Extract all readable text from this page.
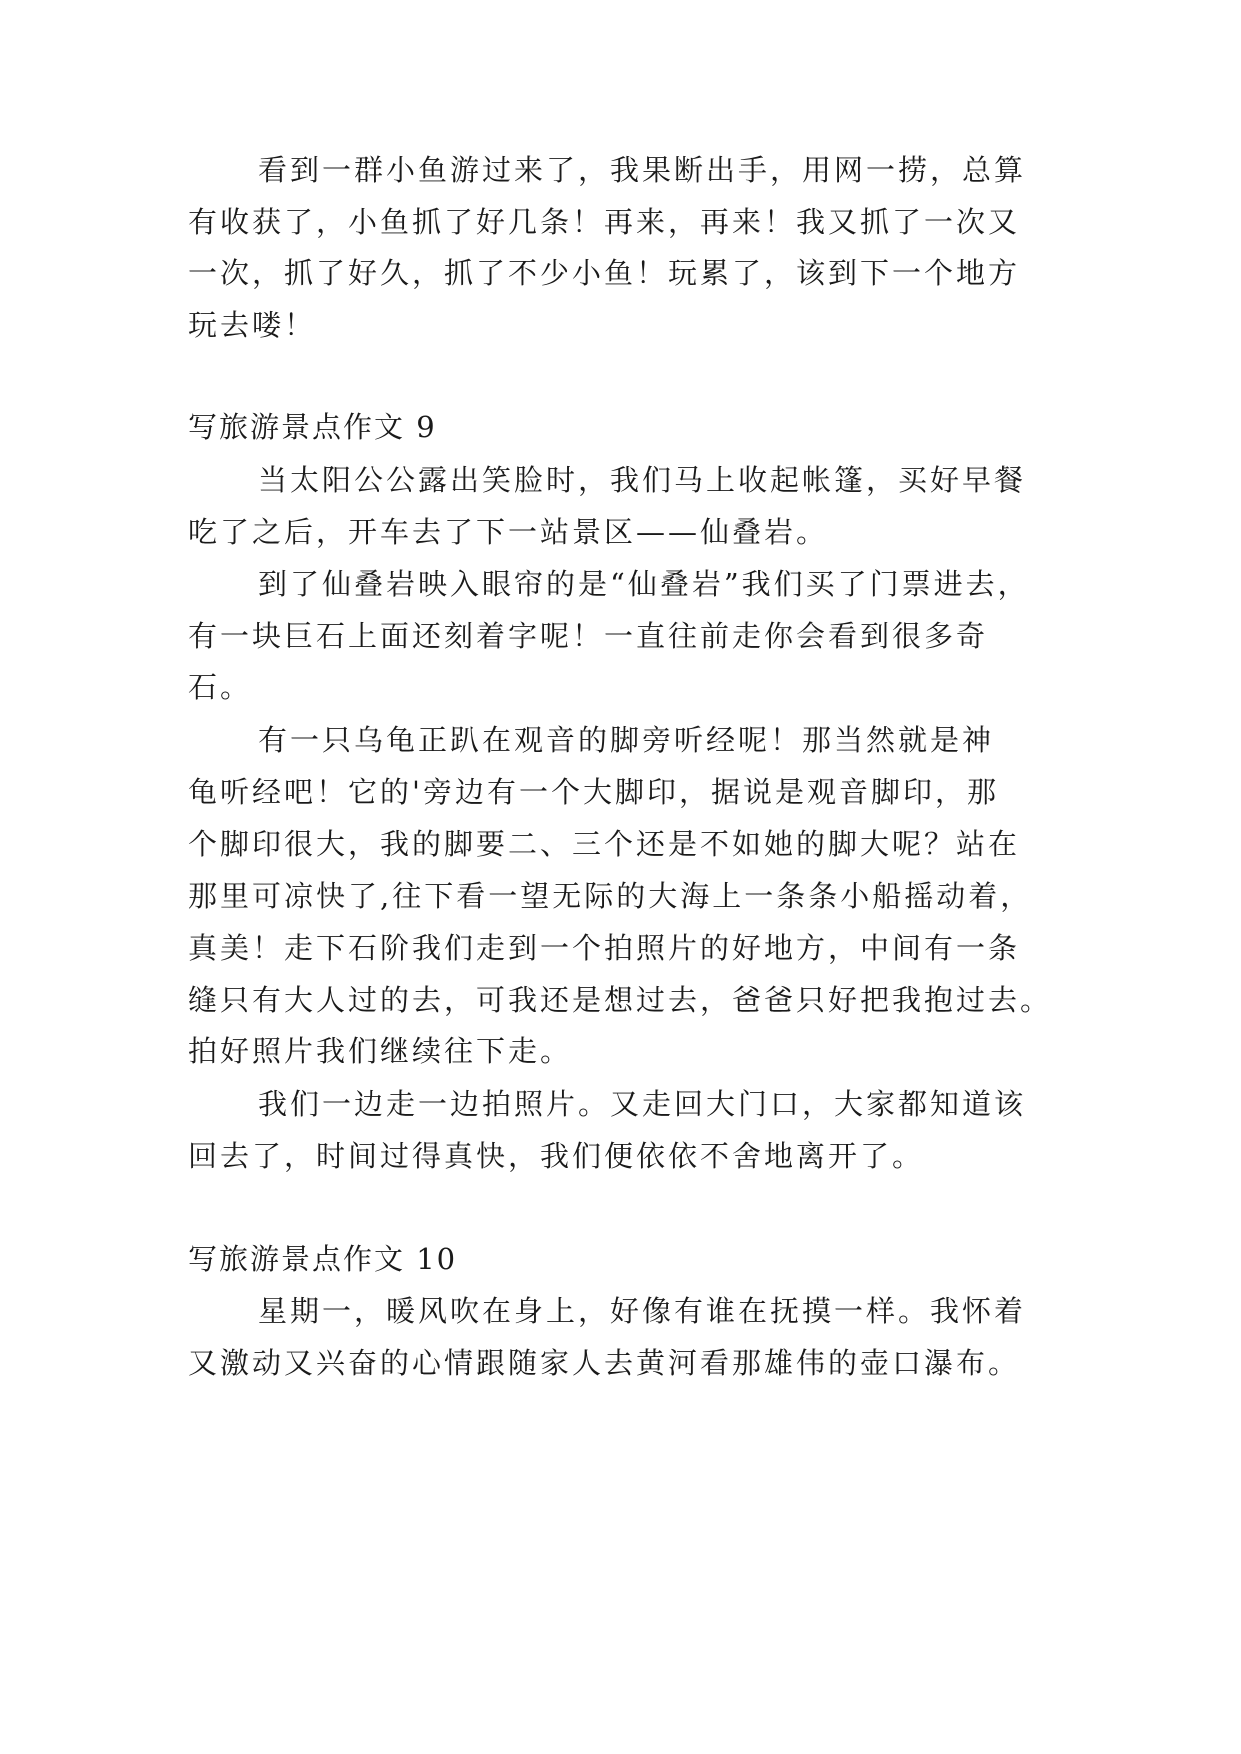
看到一群小鱼游过来了，我果断出手，用网一捞，总算
有收获了，小鱼抓了好几条！再来，再来！我又抓了一次又
一次，抓了好久，抓了不少小鱼！玩累了，该到下一个地方
玩去喽！
写旅游景点作文 9
当太阳公公露出笑脸时，我们马上收起帐篷，买好早餐
吃了之后，开车去了下一站景区——仙叠岩。
到了仙叠岩映入眼帘的是“仙叠岩”我们买了门票进去，
有一块巨石上面还刻着字呢！一直往前走你会看到很多奇
石。
有一只乌龟正趴在观音的脚旁听经呢！那当然就是神
龟听经吧！它的'旁边有一个大脚印，据说是观音脚印，那
个脚印很大，我的脚要二、三个还是不如她的脚大呢？站在
那里可凉快了,往下看一望无际的大海上一条条小船摇动着，
真美！走下石阶我们走到一个拍照片的好地方，中间有一条
缝只有大人过的去，可我还是想过去，爸爸只好把我抱过去。
拍好照片我们继续往下走。
我们一边走一边拍照片。又走回大门口，大家都知道该
回去了，时间过得真快，我们便依依不舍地离开了。
写旅游景点作文 10
星期一，暖风吹在身上，好像有谁在抚摸一样。我怀着
又激动又兴奋的心情跟随家人去黄河看那雄伟的壶口瀑布。
